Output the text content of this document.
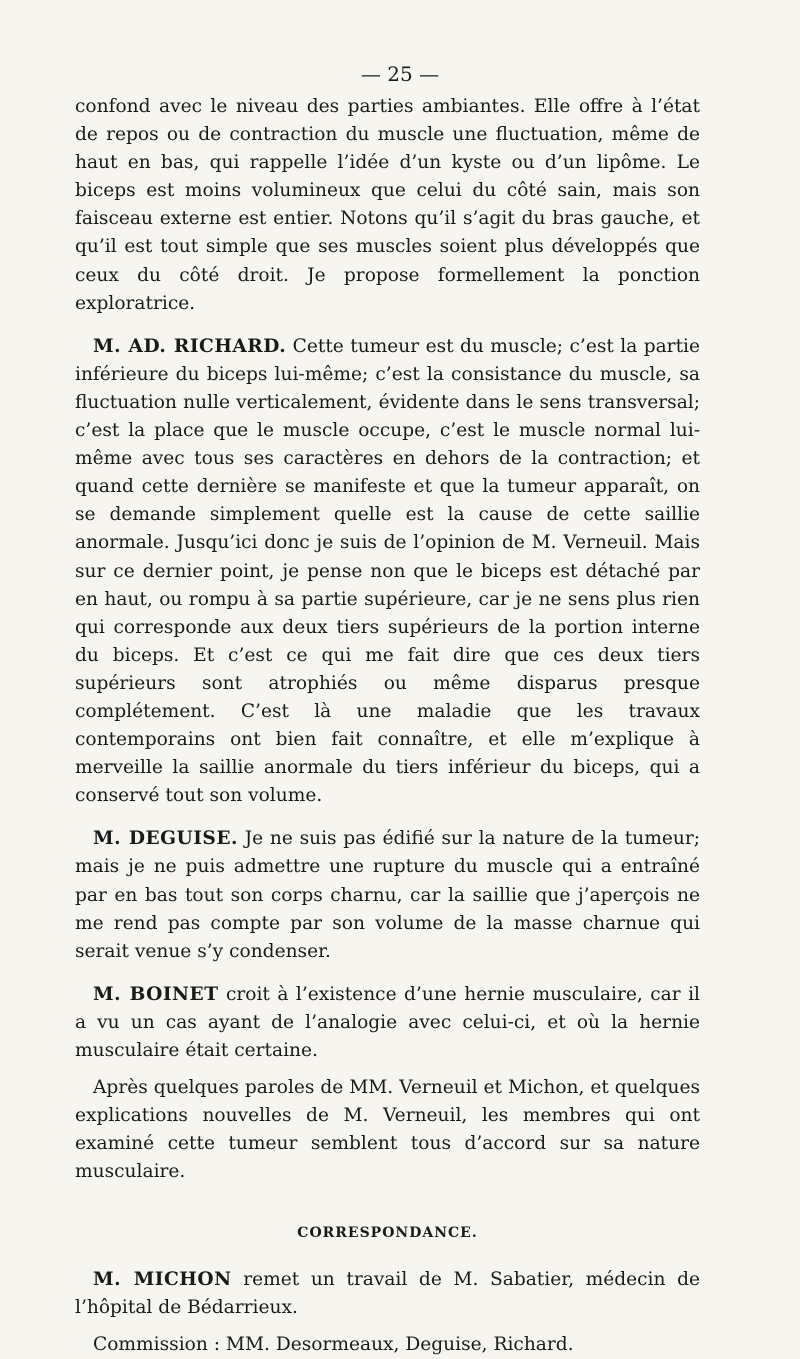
— 25 —

confond avec le niveau des parties ambiantes. Elle offre à l’état de repos ou de contraction du muscle une fluctuation, même de haut en bas, qui rappelle l’idée d’un kyste ou d’un lipôme. Le biceps est moins volumineux que celui du côté sain, mais son faisceau externe est entier. Notons qu’il s’agit du bras gauche, et qu’il est tout simple que ses muscles soient plus développés que ceux du côté droit. Je propose formellement la ponction exploratrice.

M. AD. RICHARD. Cette tumeur est du muscle; c’est la partie inférieure du biceps lui-même; c’est la consistance du muscle, sa fluctuation nulle verticalement, évidente dans le sens transversal; c’est la place que le muscle occupe, c’est le muscle normal lui-même avec tous ses caractères en dehors de la contraction; et quand cette dernière se manifeste et que la tumeur apparaît, on se demande simplement quelle est la cause de cette saillie anormale. Jusqu’ici donc je suis de l’opinion de M. Verneuil. Mais sur ce dernier point, je pense non que le biceps est détaché par en haut, ou rompu à sa partie supérieure, car je ne sens plus rien qui corresponde aux deux tiers supérieurs de la portion interne du biceps. Et c’est ce qui me fait dire que ces deux tiers supérieurs sont atrophiés ou même disparus presque complétement. C’est là une maladie que les travaux contemporains ont bien fait connaître, et elle m’explique à merveille la saillie anormale du tiers inférieur du biceps, qui a conservé tout son volume.

M. DEGUISE. Je ne suis pas édifié sur la nature de la tumeur; mais je ne puis admettre une rupture du muscle qui a entraîné par en bas tout son corps charnu, car la saillie que j’aperçois ne me rend pas compte par son volume de la masse charnue qui serait venue s’y condenser.

M. BOINET croit à l’existence d’une hernie musculaire, car il a vu un cas ayant de l’analogie avec celui-ci, et où la hernie musculaire était certaine.

Après quelques paroles de MM. Verneuil et Michon, et quelques explications nouvelles de M. Verneuil, les membres qui ont examiné cette tumeur semblent tous d’accord sur sa nature musculaire.

CORRESPONDANCE.

M. MICHON remet un travail de M. Sabatier, médecin de l’hôpital de Bédarrieux.

Commission : MM. Desormeaux, Deguise, Richard.
